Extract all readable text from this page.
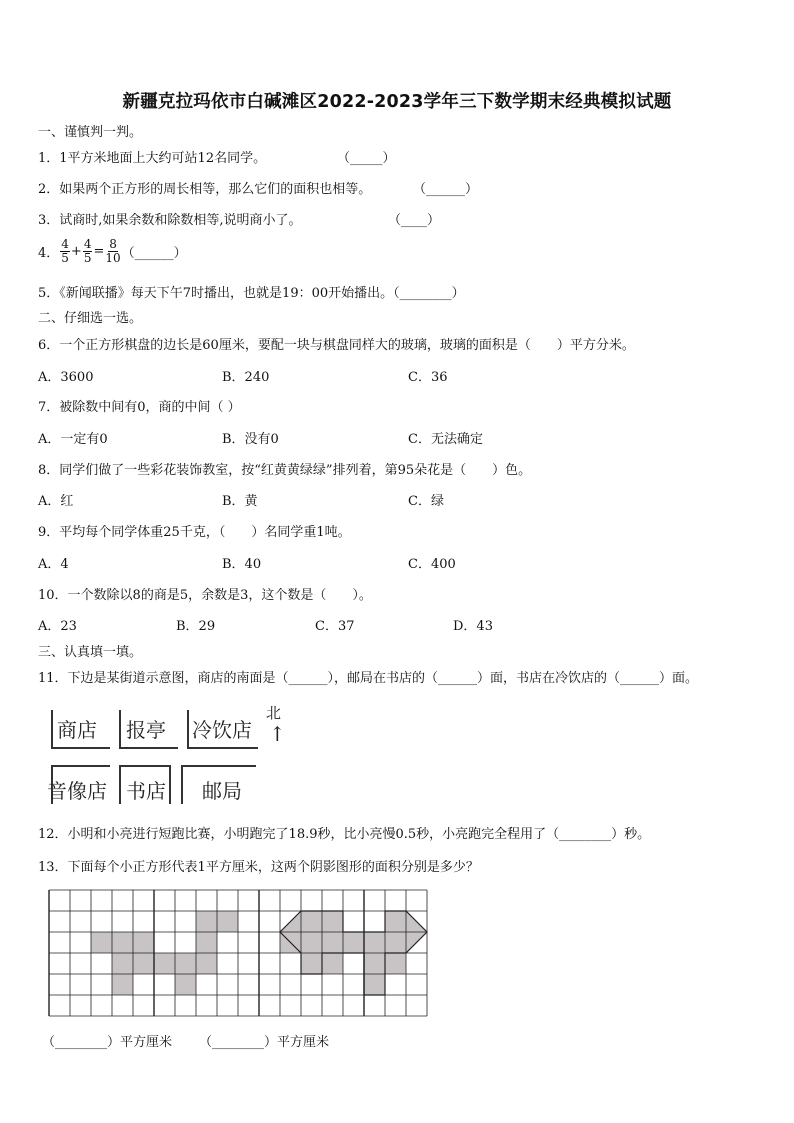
新疆克拉玛依市白碱滩区2022-2023学年三下数学期末经典模拟试题
一、谨慎判一判。
1．1平方米地面上大约可站12名同学。	（_____）
2．如果两个正方形的周长相等，那么它们的面积也相等。	（______）
3．试商时,如果余数和除数相等,说明商小了。	（____）
4． $\frac{4}{5} + \frac{4}{5} = \frac{8}{10}$ （______）
5．《新闻联播》每天下午7时播出，也就是19：00开始播出。（________）
二、仔细选一选。
6．一个正方形棋盘的边长是60厘米，要配一块与棋盘同样大的玻璃，玻璃的面积是（　　）平方分米。
A．3600	B．240	C．36
7．被除数中间有0，商的中间（ ）
A．一定有0	B．没有0	C．无法确定
8．同学们做了一些彩花装饰教室，按“红黄黄绿绿”排列着，第95朵花是（　　）色。
A．红	B．黄	C．绿
9．平均每个同学体重25千克，（　　）名同学重1吨。
A．4	B．40	C．400
10．一个数除以8的商是5，余数是3，这个数是（　　）。
A．23	B．29	C．37	D．43
三、认真填一填。
11．下边是某街道示意图，商店的南面是（______），邮局在书店的（______）面，书店在冷饮店的（______）面。
商店 报亭 冷饮店
音像店 书店 邮局
北
↑
12．小明和小亮进行短跑比赛，小明跑完了18.9秒，比小亮慢0.5秒，小亮跑完全程用了（________）秒。
13．下面每个小正方形代表1平方厘米，这两个阴影图形的面积分别是多少？
（________）平方厘米 （________）平方厘米
